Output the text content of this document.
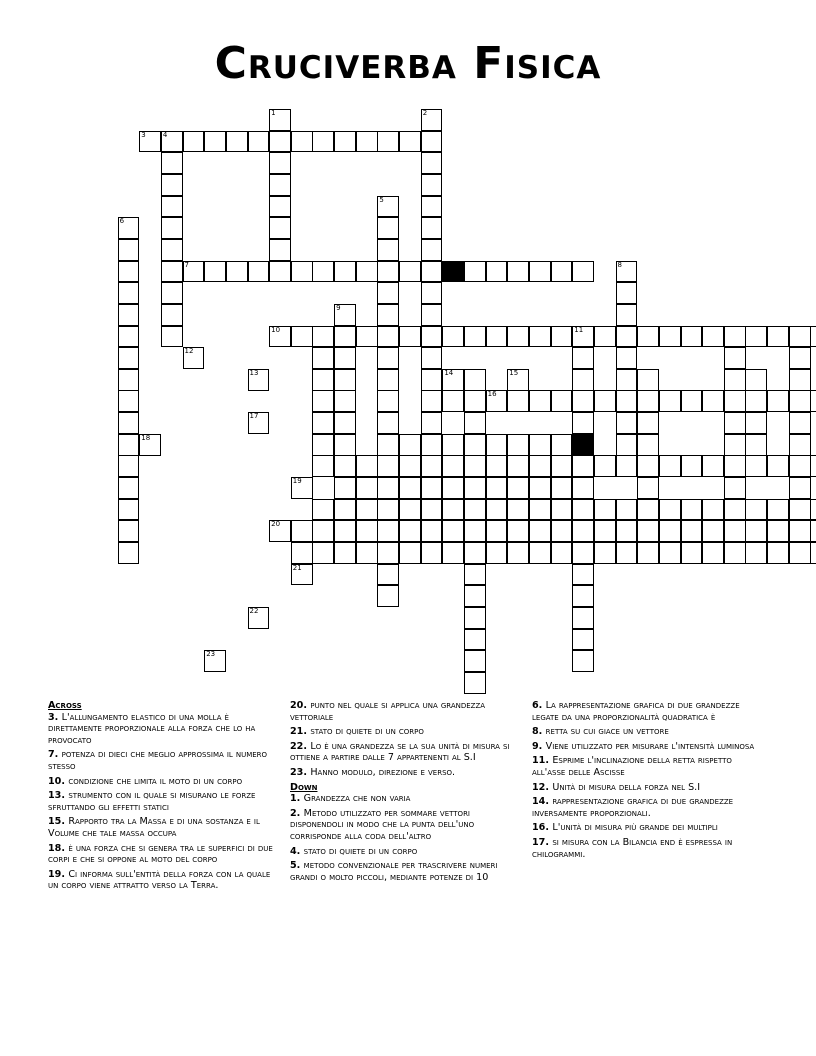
Cruciverba Fisica
3 4
1	2
5
6
7	8
9
10	11
16
12
13	14	15
17
18
19
20
21
22
23

Across

3. L'allungamento elastico di una molla è direttamente proporzionale alla forza che lo ha provocato

7. potenza di dieci che meglio approssima il numero stesso

10. condizione che limita il moto di un corpo

13. strumento con il quale si misurano le forze sfruttando gli effetti statici

15. Rapporto tra la Massa e di una sostanza e il Volume che tale massa occupa

18. è una forza che si genera tra le superfici di due corpi e che si oppone al moto del corpo

19. Ci informa sull'entità della forza con la quale un corpo viene attratto verso la Terra.

20. punto nel quale si applica una grandezza vettoriale

21. stato di quiete di un corpo

22. Lo è una grandezza se la sua unità di misura si ottiene a partire dalle 7 appartenenti al S.I

23. Hanno modulo, direzione e verso.

Down

1. Grandezza che non varia

2. Metodo utilizzato per sommare vettori disponendoli in modo che la punta dell'uno corrisponde alla coda dell'altro

4. stato di quiete di un corpo

5. metodo convenzionale per trascrivere numeri grandi o molto piccoli, mediante potenze di 10

6. La rappresentazione grafica di due grandezze legate da una proporzionalità quadratica è

8. retta su cui giace un vettore

9. Viene utilizzato per misurare l'intensità luminosa

11. Esprime l'inclinazione della retta rispetto all'asse delle Ascisse

12. Unità di misura della forza nel S.I

14. rappresentazione grafica di due grandezze inversamente proporzionali.

16. L'unità di misura più grande dei multipli

17. si misura con la Bilancia end è espressa in chilogrammi.
